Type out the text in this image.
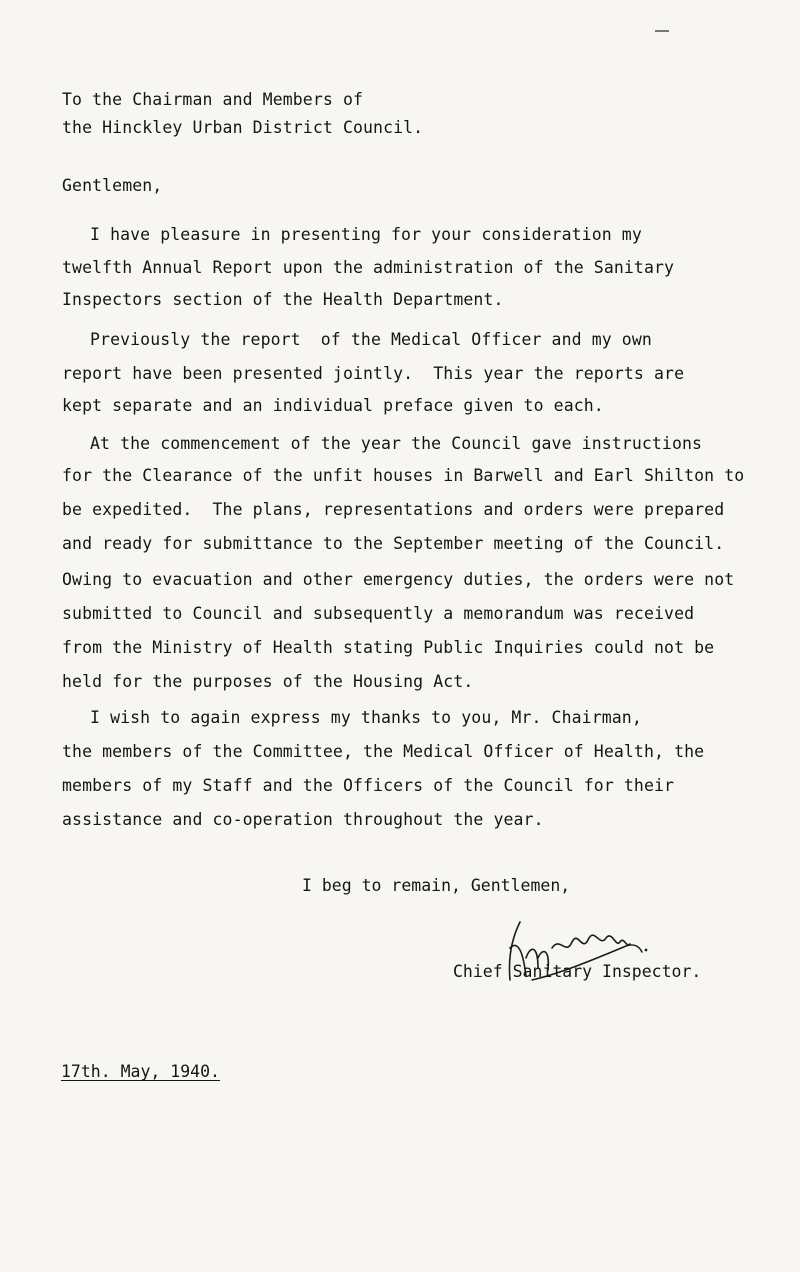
To the Chairman and Members of
the Hinckley Urban District Council.
Gentlemen,
I have pleasure in presenting for your consideration my
twelfth Annual Report upon the administration of the Sanitary
Inspectors section of the Health Department.
Previously the report  of the Medical Officer and my own
report have been presented jointly.  This year the reports are
kept separate and an individual preface given to each.
At the commencement of the year the Council gave instructions
for the Clearance of the unfit houses in Barwell and Earl Shilton to
be expedited.  The plans, representations and orders were prepared
and ready for submittance to the September meeting of the Council.
Owing to evacuation and other emergency duties, the orders were not
submitted to Council and subsequently a memorandum was received
from the Ministry of Health stating Public Inquiries could not be
held for the purposes of the Housing Act.
I wish to again express my thanks to you, Mr. Chairman,
the members of the Committee, the Medical Officer of Health, the
members of my Staff and the Officers of the Council for their
assistance and co-operation throughout the year.
I beg to remain, Gentlemen,
Chief Sanitary Inspector.
17th. May, 1940.
